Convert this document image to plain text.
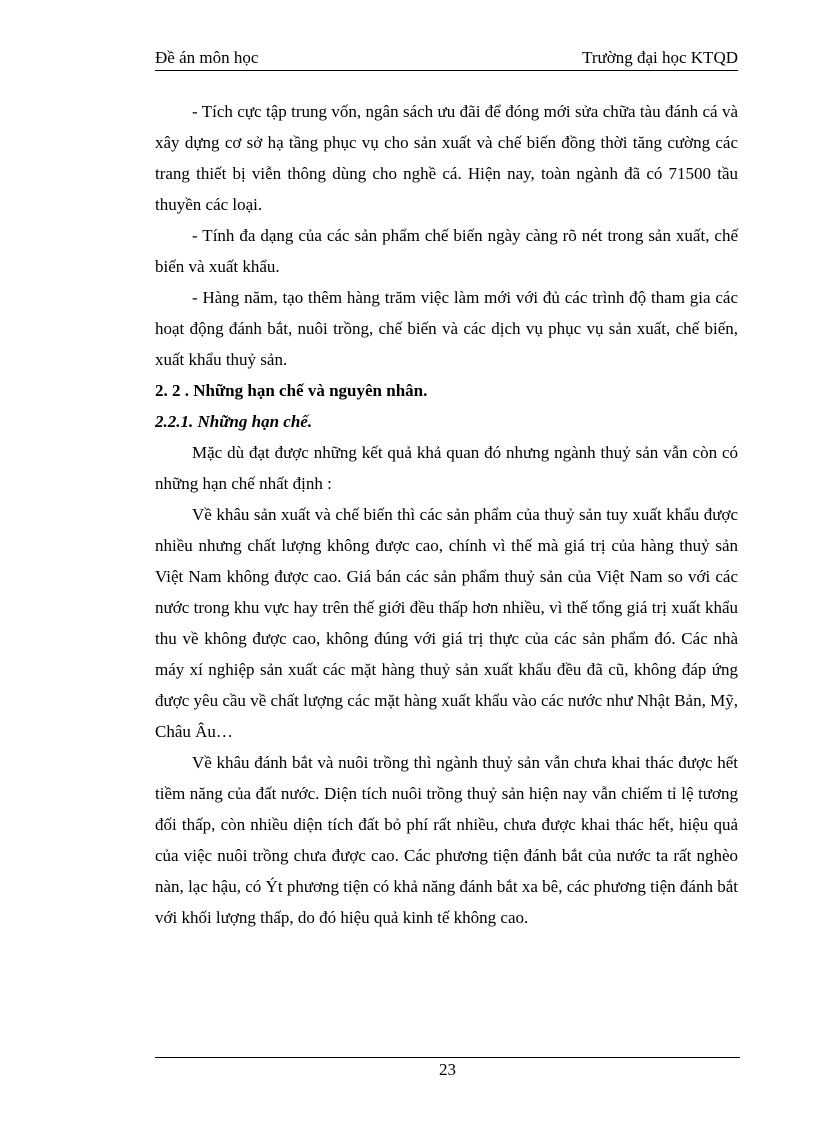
Đề án môn học	Trường đại học KTQD

- Tích cực tập trung vốn, ngân sách ưu đãi để đóng mới sửa chữa tàu đánh cá và xây dựng cơ sở hạ tầng phục vụ cho sản xuất và chế biến đồng thời tăng cường các trang thiết bị viễn thông dùng cho nghề cá. Hiện nay, toàn ngành đã có 71500 tầu thuyền các loại.

- Tính đa dạng của các sản phẩm chế biến ngày càng rõ nét trong sản xuất, chế biến và xuất khẩu.

- Hàng năm, tạo thêm hàng trăm việc làm mới với đủ các trình độ tham gia các hoạt động đánh bắt, nuôi trồng, chế biến và các dịch vụ phục vụ sản xuất, chế biến, xuất khẩu thuỷ sản.

2. 2 . Những hạn chế và nguyên nhân.
2.2.1. Những hạn chế.

Mặc dù đạt được những kết quả khả quan đó nhưng ngành thuỷ sản vẫn còn có những hạn chế nhất định :

Về khâu sản xuất và chế biến thì các sản phẩm của thuỷ sản tuy xuất khẩu được nhiều nhưng chất lượng không được cao, chính vì thế mà giá trị của hàng thuỷ sản Việt Nam không được cao. Giá bán các sản phẩm thuỷ sản của Việt Nam so với các nước trong khu vực hay trên thế giới đều thấp hơn nhiều, vì thế tổng giá trị xuất khẩu thu về không được cao, không đúng với giá trị thực của các sản phẩm đó. Các nhà máy xí nghiệp sản xuất các mặt hàng thuỷ sản xuất khẩu đều đã cũ, không đáp ứng được yêu cầu về chất lượng các mặt hàng xuất khẩu vào các nước như Nhật Bản, Mỹ, Châu Âu…

Về khâu đánh bắt và nuôi trồng thì ngành thuỷ sản vẫn chưa khai thác được hết tiềm năng của đất nước. Diện tích nuôi trồng thuỷ sản hiện nay vẫn chiếm tỉ lệ tương đối thấp, còn nhiều diện tích đất bỏ phí rất nhiều, chưa được khai thác hết, hiệu quả của việc nuôi trồng chưa được cao. Các phương tiện đánh bắt của nước ta rất nghèo nàn, lạc hậu, có Ýt phương tiện có khả năng đánh bắt xa bê, các phương tiện đánh bắt với khối lượng thấp, do đó hiệu quả kinh tế không cao.

23
